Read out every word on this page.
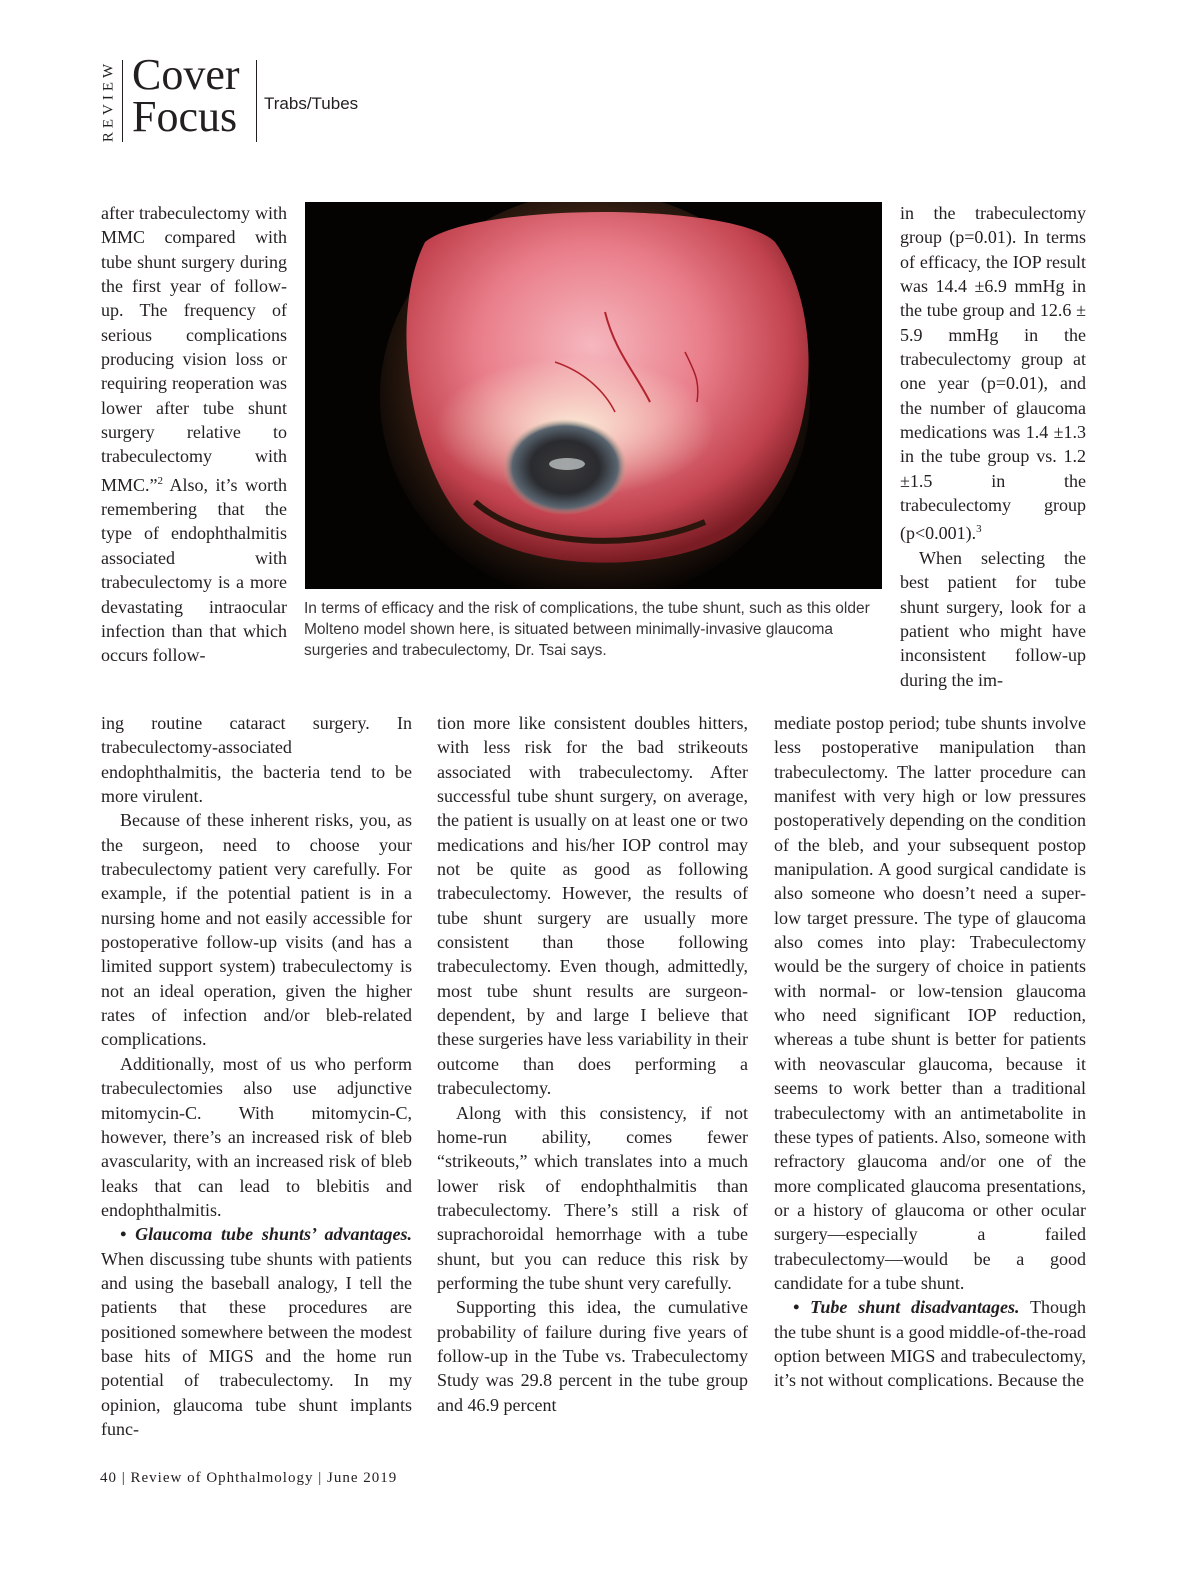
REVIEW Cover
Focus Trabs/Tubes
In terms of efficacy and the risk of complications, the tube shunt, such as this older Molteno model shown here, is situated between minimally-invasive glaucoma surgeries and trabeculectomy, Dr. Tsai says.

after trabeculectomy with MMC compared with tube shunt surgery during the first year of follow-up. The frequency of serious complications producing vision loss or requiring reoperation was lower after tube shunt surgery relative to trabeculectomy with MMC.”$^2$ Also, it’s worth remembering that the type of endophthalmitis associated with trabeculectomy is a more devastating intraocular infection than that which occurs follow-

ing routine cataract surgery. In trabeculectomy-associated endophthalmitis, the bacteria tend to be more virulent.

Because of these inherent risks, you, as the surgeon, need to choose your trabeculectomy patient very carefully. For example, if the potential patient is in a nursing home and not easily accessible for postoperative follow-up visits (and has a limited support system) trabeculectomy is not an ideal operation, given the higher rates of infection and/or bleb-related complications.

Additionally, most of us who perform trabeculectomies also use adjunctive mitomycin-C. With mitomycin-C, however, there’s an increased risk of bleb avascularity, with an increased risk of bleb leaks that can lead to blebitis and endophthalmitis.

• Glaucoma tube shunts’ advantages. When discussing tube shunts with patients and using the baseball analogy, I tell the patients that these procedures are positioned somewhere between the modest base hits of MIGS and the home run potential of trabeculectomy. In my opinion, glaucoma tube shunt implants func-

tion more like consistent doubles hitters, with less risk for the bad strikeouts associated with trabeculectomy. After successful tube shunt surgery, on average, the patient is usually on at least one or two medications and his/her IOP control may not be quite as good as following trabeculectomy. However, the results of tube shunt surgery are usually more consistent than those following trabeculectomy. Even though, admittedly, most tube shunt results are surgeon-dependent, by and large I believe that these surgeries have less variability in their outcome than does performing a trabeculectomy.

Along with this consistency, if not home-run ability, comes fewer “strikeouts,” which translates into a much lower risk of endophthalmitis than trabeculectomy. There’s still a risk of suprachoroidal hemorrhage with a tube shunt, but you can reduce this risk by performing the tube shunt very carefully.

Supporting this idea, the cumulative probability of failure during five years of follow-up in the Tube vs. Trabeculectomy Study was 29.8 percent in the tube group and 46.9 percent

in the trabeculectomy group (p=0.01). In terms of efficacy, the IOP result was 14.4 ±6.9 mmHg in the tube group and 12.6 ± 5.9 mmHg in the trabeculectomy group at one year (p=0.01), and the number of glaucoma medications was 1.4 ±1.3 in the tube group vs. 1.2 ±1.5 in the trabeculectomy group (p<0.001).$^3$

When selecting the best patient for tube shunt surgery, look for a patient who might have inconsistent follow-up during the im-

mediate postop period; tube shunts involve less postoperative manipulation than trabeculectomy. The latter procedure can manifest with very high or low pressures postoperatively depending on the condition of the bleb, and your subsequent postop manipulation. A good surgical candidate is also someone who doesn’t need a super-low target pressure. The type of glaucoma also comes into play: Trabeculectomy would be the surgery of choice in patients with normal- or low-tension glaucoma who need significant IOP reduction, whereas a tube shunt is better for patients with neovascular glaucoma, because it seems to work better than a traditional trabeculectomy with an antimetabolite in these types of patients. Also, someone with refractory glaucoma and/or one of the more complicated glaucoma presentations, or a history of glaucoma or other ocular surgery—especially a failed trabeculectomy—would be a good candidate for a tube shunt.

• Tube shunt disadvantages. Though the tube shunt is a good middle-of-the-road option between MIGS and trabeculectomy, it’s not without complications. Because the

40 | Review of Ophthalmology | June 2019
